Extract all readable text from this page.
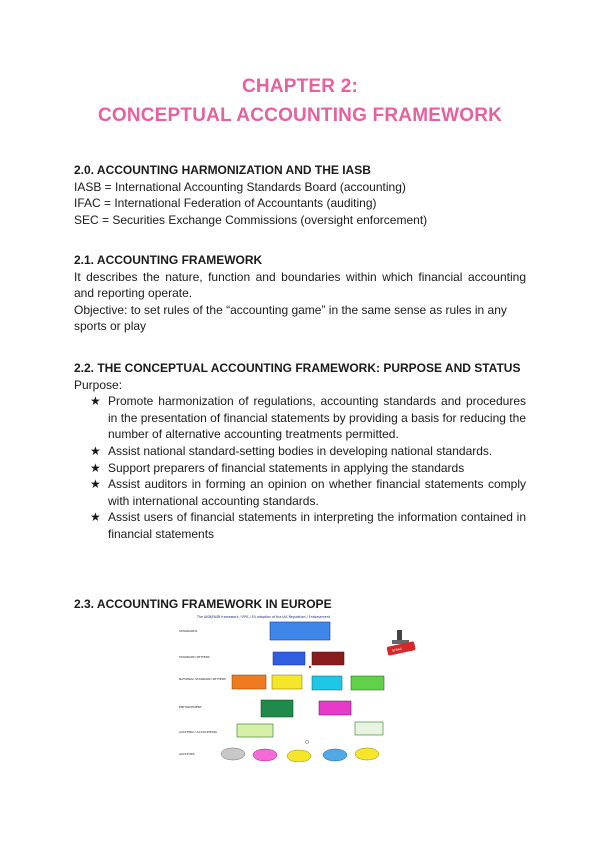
CHAPTER 2:
CONCEPTUAL ACCOUNTING FRAMEWORK

2.0. ACCOUNTING HARMONIZATION AND THE IASB

IASB = International Accounting Standards Board (accounting)

IFAC = International Federation of Accountants (auditing)

SEC = Securities Exchange Commissions (oversight enforcement)

2.1. ACCOUNTING FRAMEWORK

It describes the nature, function and boundaries within which financial accounting and reporting operate.

Objective: to set rules of the “accounting game” in the same sense as rules in any sports or play

2.2. THE CONCEPTUAL ACCOUNTING FRAMEWORK: PURPOSE AND STATUS

Purpose:

★ Promote harmonization of regulations, accounting standards and procedures in the presentation of financial statements by providing a basis for reducing the number of alternative accounting treatments permitted.
★ Assist national standard-setting bodies in developing national standards.
★ Support preparers of financial statements in applying the standards
★ Assist auditors in forming an opinion on whether financial statements comply with international accounting standards.
★ Assist users of financial statements in interpreting the information contained in financial statements

2.3. ACCOUNTING FRAMEWORK IN EUROPE

The IASB/FASB framework / IFRS / EU adoption of the IAS Regulation / Endorsement
STANDARDS
STANDARD SETTERS
NATIONAL STANDARD SETTERS
ENFORCEMENT
AUDITING / ACCOUNTING
AUDITORS
EFRAG
